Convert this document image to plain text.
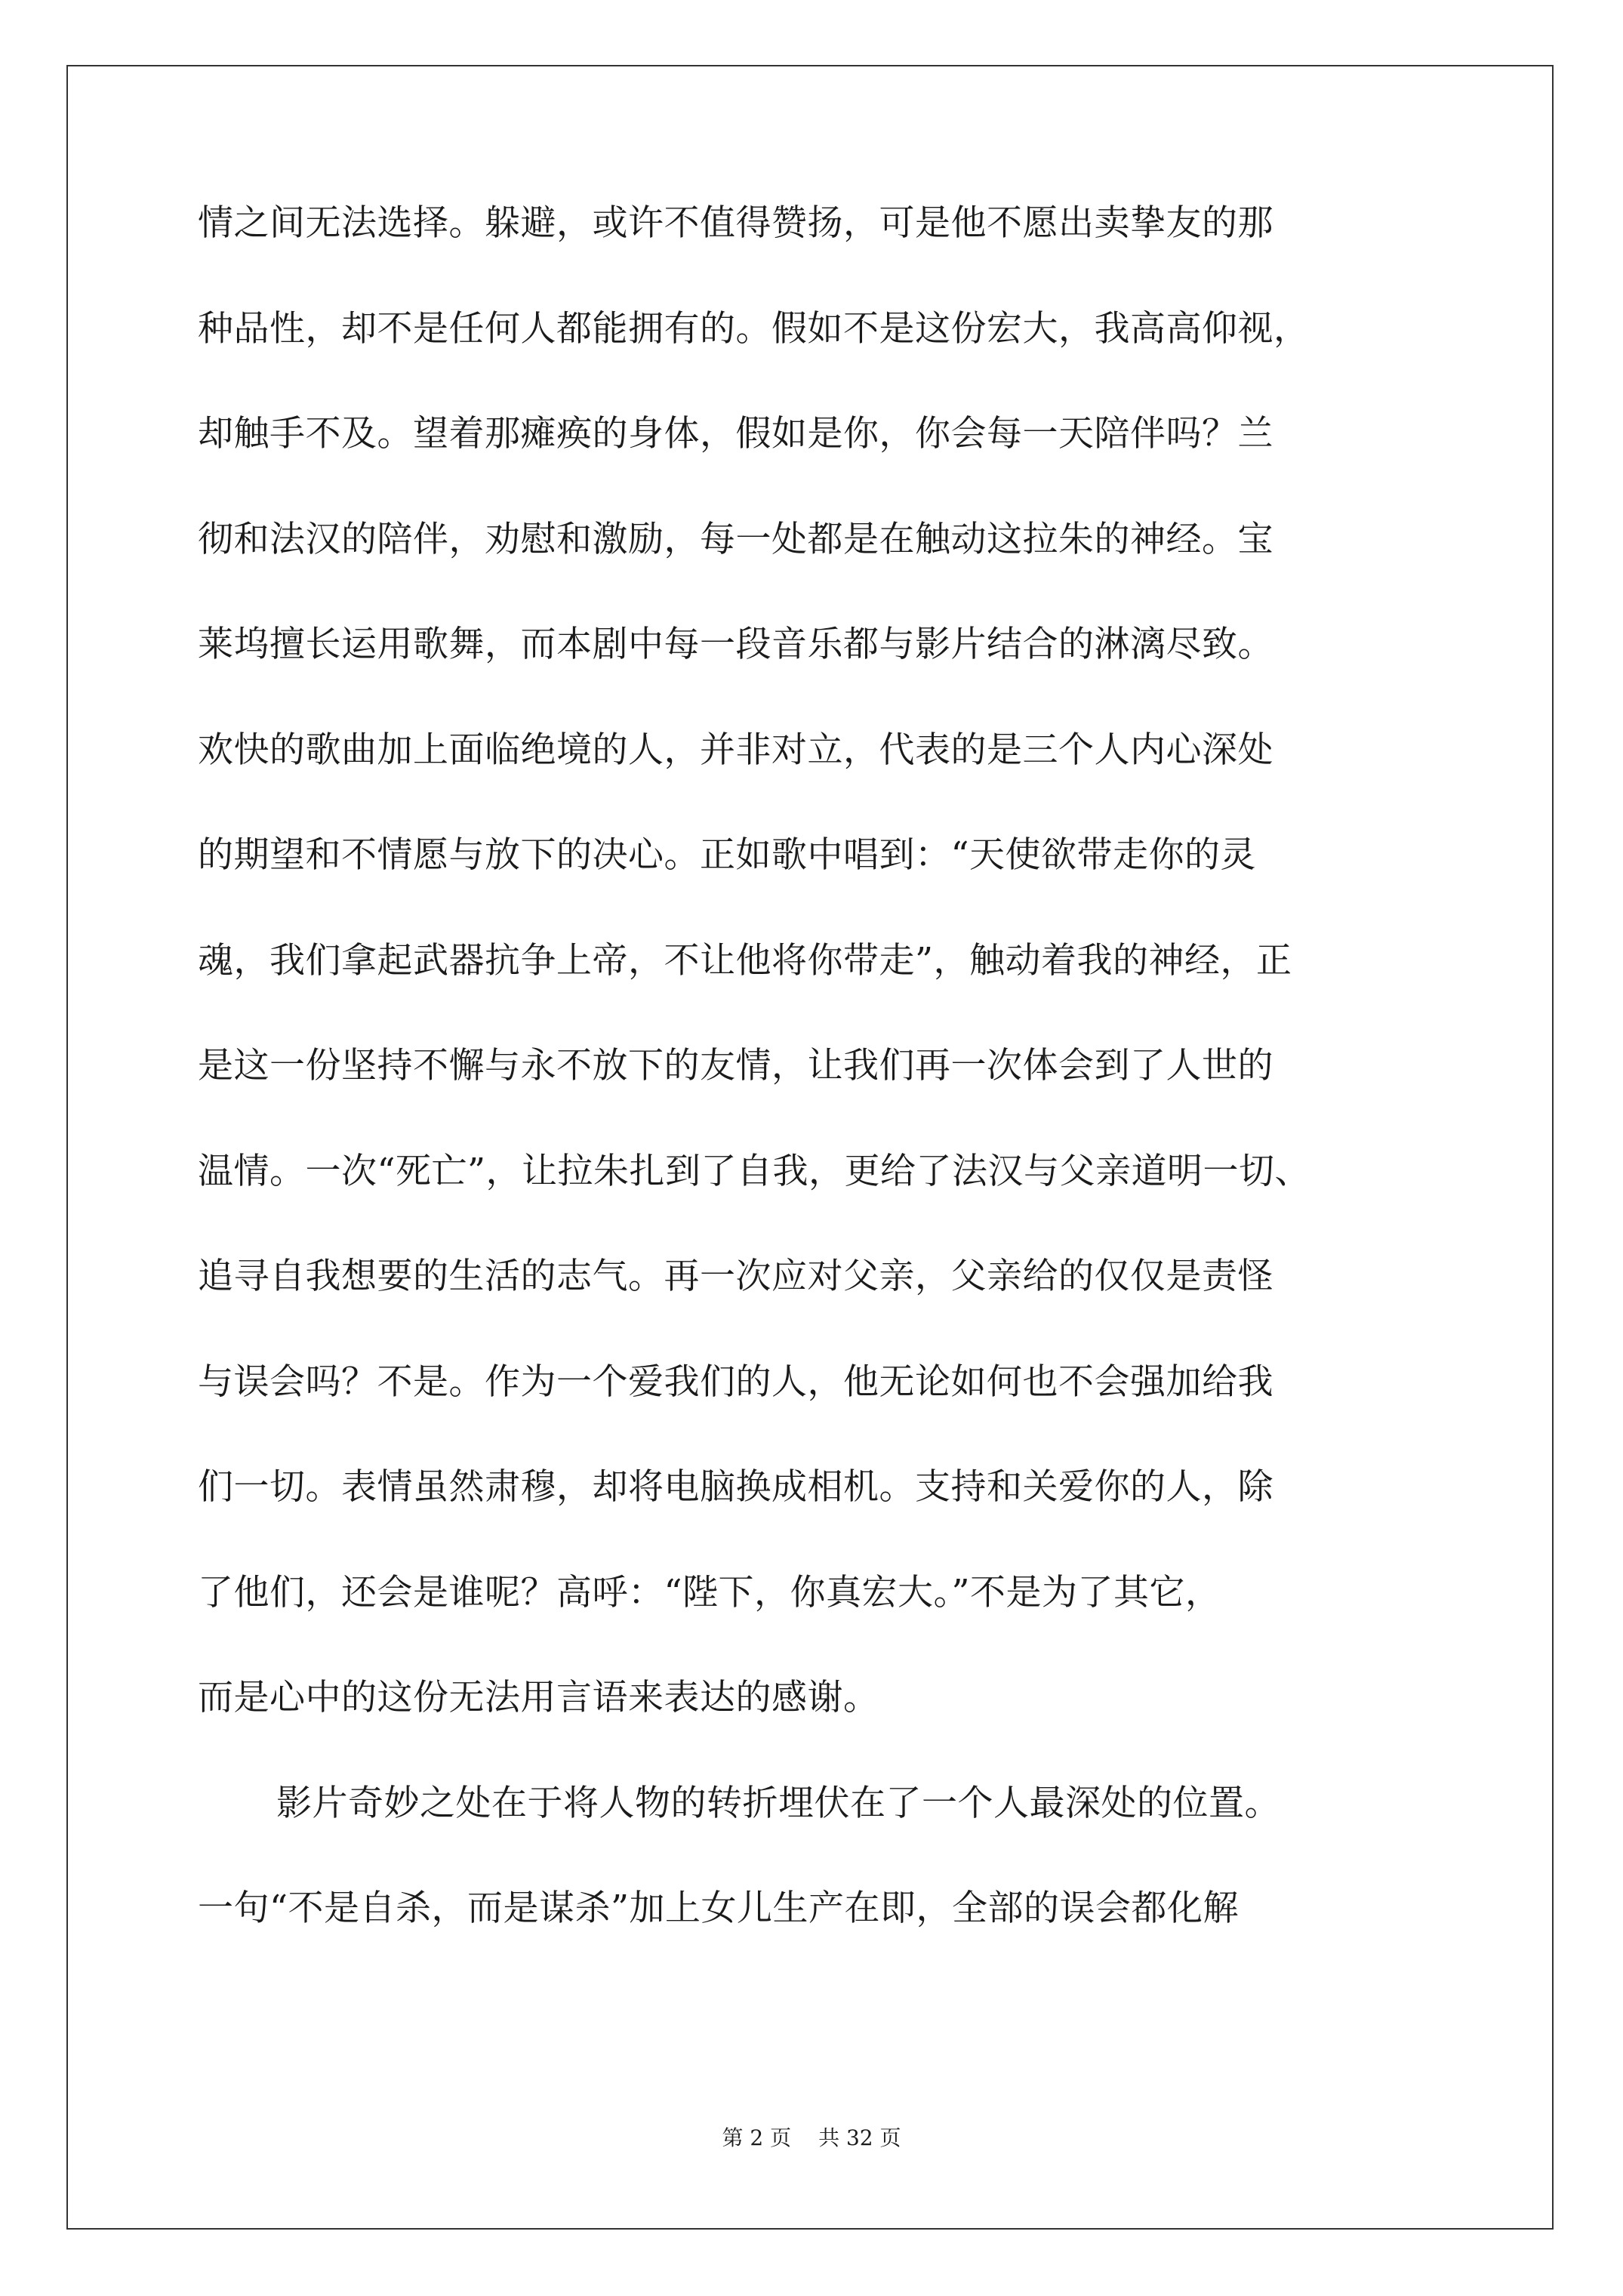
情之间无法选择。躲避，或许不值得赞扬，可是他不愿出卖挚友的那
种品性，却不是任何人都能拥有的。假如不是这份宏大，我高高仰视，
却触手不及。望着那瘫痪的身体，假如是你，你会每一天陪伴吗？兰
彻和法汉的陪伴，劝慰和激励，每一处都是在触动这拉朱的神经。宝
莱坞擅长运用歌舞，而本剧中每一段音乐都与影片结合的淋漓尽致。
欢快的歌曲加上面临绝境的人，并非对立，代表的是三个人内心深处
的期望和不情愿与放下的决心。正如歌中唱到：“天使欲带走你的灵
魂，我们拿起武器抗争上帝，不让他将你带走”，触动着我的神经，正
是这一份坚持不懈与永不放下的友情，让我们再一次体会到了人世的
温情。一次“死亡”，让拉朱扎到了自我，更给了法汉与父亲道明一切、
追寻自我想要的生活的志气。再一次应对父亲，父亲给的仅仅是责怪
与误会吗？不是。作为一个爱我们的人，他无论如何也不会强加给我
们一切。表情虽然肃穆，却将电脑换成相机。支持和关爱你的人，除
了他们，还会是谁呢？高呼：“陛下，你真宏大。”不是为了其它，
而是心中的这份无法用言语来表达的感谢。
影片奇妙之处在于将人物的转折埋伏在了一个人最深处的位置。
一句“不是自杀，而是谋杀”加上女儿生产在即，全部的误会都化解
第 2 页 共 32 页
